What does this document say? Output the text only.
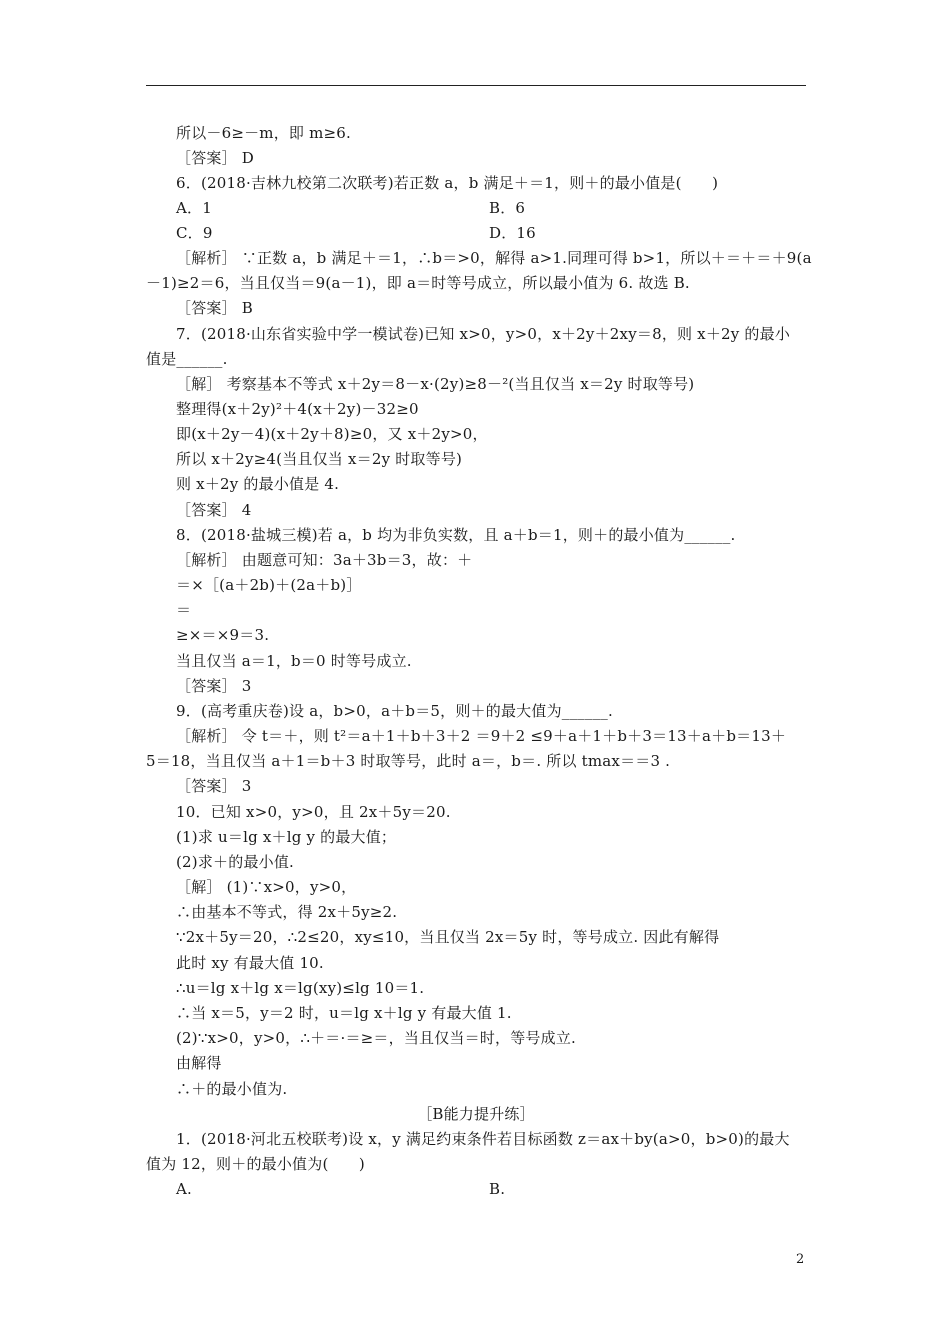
所以－6≥－m，即 m≥6.
［答案］ D
6．(2018·吉林九校第二次联考)若正数 a，b 满足＋＝1，则＋的最小值是(　　)
A．1	B．6
C．9	D．16
［解析］ ∵正数 a，b 满足＋＝1，∴b＝>0，解得 a>1.同理可得 b>1，所以＋＝＋＝＋9(a
－1)≥2＝6，当且仅当＝9(a－1)，即 a＝时等号成立，所以最小值为 6. 故选 B.
［答案］ B
7．(2018·山东省实验中学一模试卷)已知 x>0，y>0，x＋2y＋2xy＝8，则 x＋2y 的最小
值是______.
［解］ 考察基本不等式 x＋2y＝8－x·(2y)≥8－²(当且仅当 x＝2y 时取等号)
整理得(x＋2y)²＋4(x＋2y)－32≥0
即(x＋2y－4)(x＋2y＋8)≥0，又 x＋2y>0，
所以 x＋2y≥4(当且仅当 x＝2y 时取等号)
则 x＋2y 的最小值是 4.
［答案］ 4
8．(2018·盐城三模)若 a，b 均为非负实数，且 a＋b＝1，则＋的最小值为______.
［解析］ 由题意可知：3a＋3b＝3，故：＋
＝×［(a＋2b)＋(2a＋b)］
＝
≥×＝×9＝3.
当且仅当 a＝1，b＝0 时等号成立.
［答案］ 3
9．(高考重庆卷)设 a，b>0，a＋b＝5，则＋的最大值为______.
［解析］ 令 t＝＋，则 t²＝a＋1＋b＋3＋2 ＝9＋2 ≤9＋a＋1＋b＋3＝13＋a＋b＝13＋
5＝18，当且仅当 a＋1＝b＋3 时取等号，此时 a＝，b＝. 所以 tmax＝＝3 .
［答案］ 3
10．已知 x>0，y>0，且 2x＋5y＝20.
(1)求 u＝lg x＋lg y 的最大值；
(2)求＋的最小值.
［解］ (1)∵x>0，y>0，
∴由基本不等式，得 2x＋5y≥2.
∵2x＋5y＝20，∴2≤20，xy≤10，当且仅当 2x＝5y 时，等号成立. 因此有解得
此时 xy 有最大值 10.
∴u＝lg x＋lg x＝lg(xy)≤lg 10＝1.
∴当 x＝5，y＝2 时，u＝lg x＋lg y 有最大值 1.
(2)∵x>0，y>0，∴＋＝·＝≥＝，当且仅当＝时，等号成立.
由解得
∴＋的最小值为.
［B能力提升练］
1．(2018·河北五校联考)设 x，y 满足约束条件若目标函数 z＝ax＋by(a>0，b>0)的最大
值为 12，则＋的最小值为(　　)
A.	B.
2
